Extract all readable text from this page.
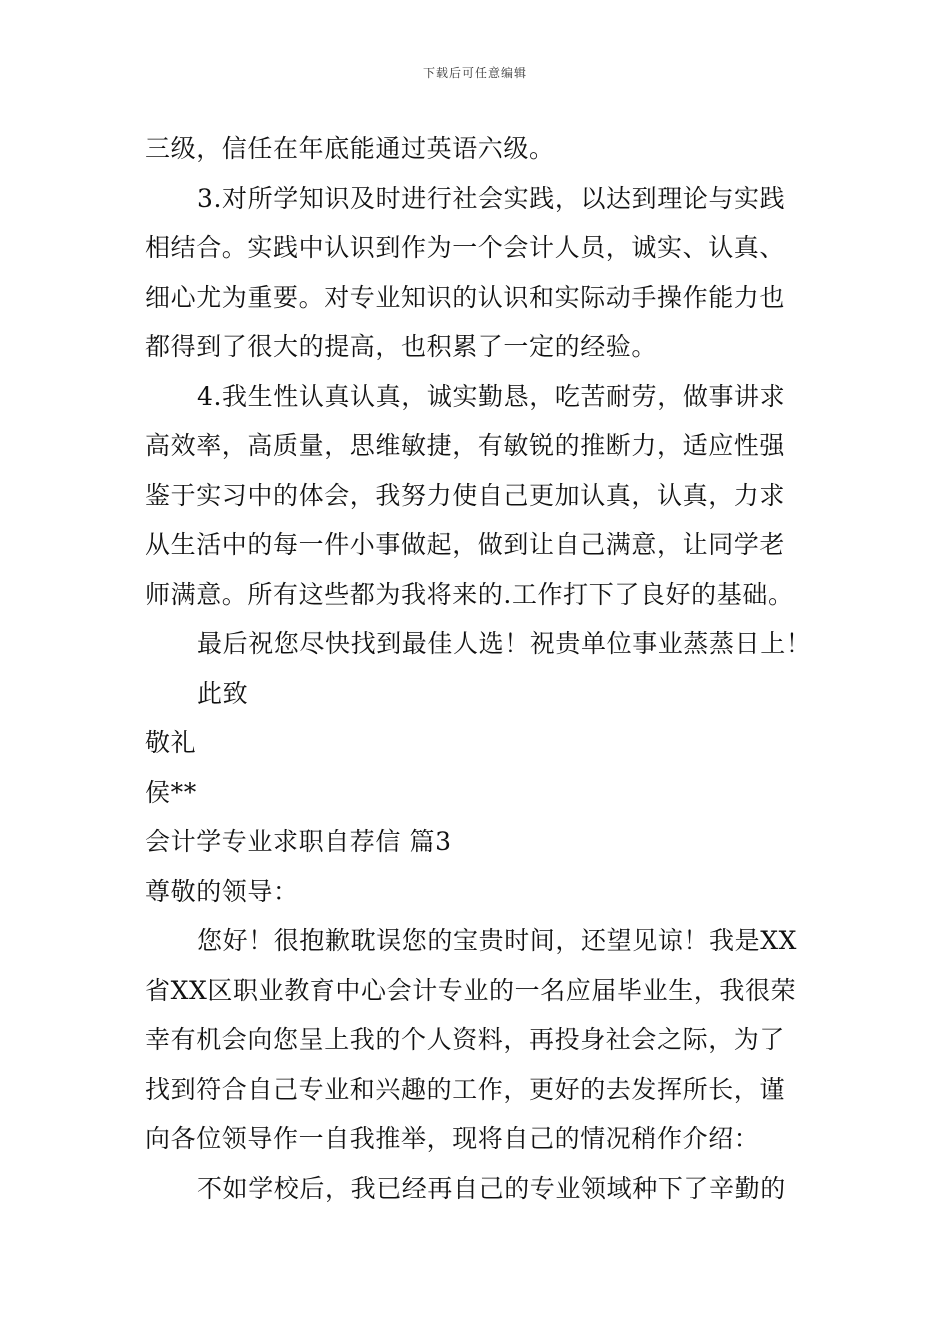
下载后可任意编辑
三级，信任在年底能通过英语六级。
3.对所学知识及时进行社会实践，以达到理论与实践
相结合。实践中认识到作为一个会计人员，诚实、认真、
细心尤为重要。对专业知识的认识和实际动手操作能力也
都得到了很大的提高，也积累了一定的经验。
4.我生性认真认真，诚实勤恳，吃苦耐劳，做事讲求
高效率，高质量，思维敏捷，有敏锐的推断力，适应性强
鉴于实习中的体会，我努力使自己更加认真，认真，力求
从生活中的每一件小事做起，做到让自己满意，让同学老
师满意。所有这些都为我将来的.工作打下了良好的基础。
最后祝您尽快找到最佳人选！祝贵单位事业蒸蒸日上！
此致
敬礼
侯**
会计学专业求职自荐信 篇3
尊敬的领导：
您好！很抱歉耽误您的宝贵时间，还望见谅！我是XX
省XX区职业教育中心会计专业的一名应届毕业生，我很荣
幸有机会向您呈上我的个人资料，再投身社会之际，为了
找到符合自己专业和兴趣的工作，更好的去发挥所长，谨
向各位领导作一自我推举，现将自己的情况稍作介绍：
不如学校后，我已经再自己的专业领域种下了辛勤的
